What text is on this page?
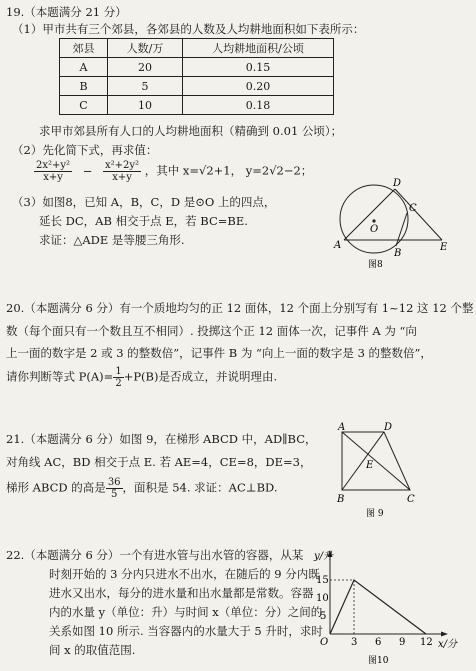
19.（本题满分 21 分）
（1）甲市共有三个郊县，各郊县的人数及人均耕地面积如下表所示：
郊县	人数/万	人均耕地面积/公顷
A	20	0.15
B	5	0.20
C	10	0.18
求甲市郊县所有人口的人均耕地面积（精确到 0.01 公顷）；
（2）先化简下式，再求值：
$\frac{\text{2x²+y²}}{x+y} - \frac{\text{x²+2y²}}{x+y}$ ，其中 x=√2+1， y=2√2−2；
（3）如图8，已知 A，B，C，D 是⊙O 上的四点，
延长 DC，AB 相交于点 E，若 BC=BE.
求证：△ADE 是等腰三角形.	A
B
C
D
E
O
图8
20.（本题满分 6 分）有一个质地均匀的正 12 面体，12 个面上分别写有 1~12 这 12 个整
数（每个面只有一个数且互不相同）. 投掷这个正 12 面体一次，记事件 A 为 “向
上一面的数字是 2 或 3 的整数倍”，记事件 B 为 “向上一面的数字是 3 的整数倍”，
请你判断等式 $P(A)= \frac{1}{2} +P(B)$是否成立，并说明理由.
21.（本题满分 6 分）如图 9，在梯形 ABCD 中，AD∥BC，
对角线 AC，BD 相交于点 E. 若 AE=4，CE=8，DE=3，
梯形 ABCD 的高是 $\frac{36}{5}$ ，面积是 54. 求证：AC⊥BD.
A	D
B	C
E
图 9
22.（本题满分 6 分）一个有进水管与出水管的容器，从某
时刻开始的 3 分内只进水不出水，在随后的 9 分内既
进水又出水，每分的进水量和出水量都是常数。容器
内的水量 y（单位：升）与时间 x（单位：分）之间的
关系如图 10 所示. 当容器内的水量大于 5 升时，求时
间 x 的取值范围.
15
10
5
O 3 6 9 12
y/升
x/分
图10
